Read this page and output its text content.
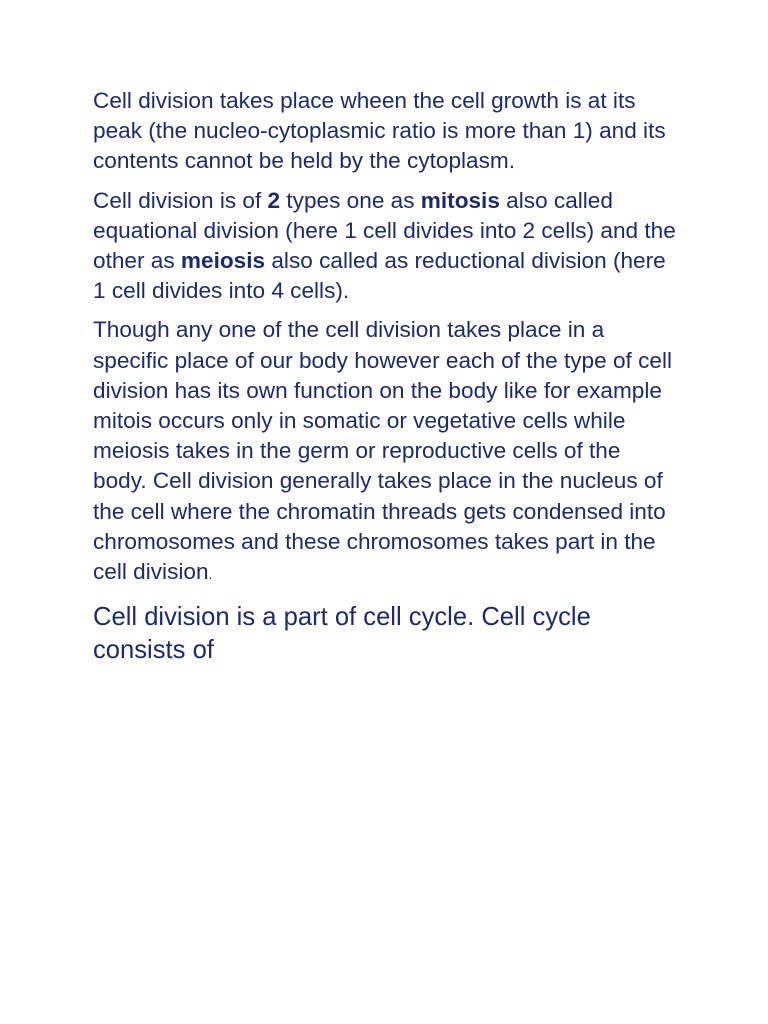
Cell division takes place wheen the cell growth is at its peak (the nucleo-cytoplasmic ratio is more than 1) and its contents cannot be held by the cytoplasm.

Cell division is of 2 types one as mitosis also called equational division (here 1 cell divides into 2 cells) and the other as meiosis also called as reductional division (here 1 cell divides into 4 cells).

Though any one of the cell division takes place in a specific place of our body however each of the type of cell division has its own function on the body like for example mitois occurs only in somatic or vegetative cells while meiosis takes in the germ or reproductive cells of the body. Cell division generally takes place in the nucleus of the cell where the chromatin threads gets condensed into chromosomes and these chromosomes takes part in the cell division.

Cell division is a part of cell cycle. Cell cycle consists of
